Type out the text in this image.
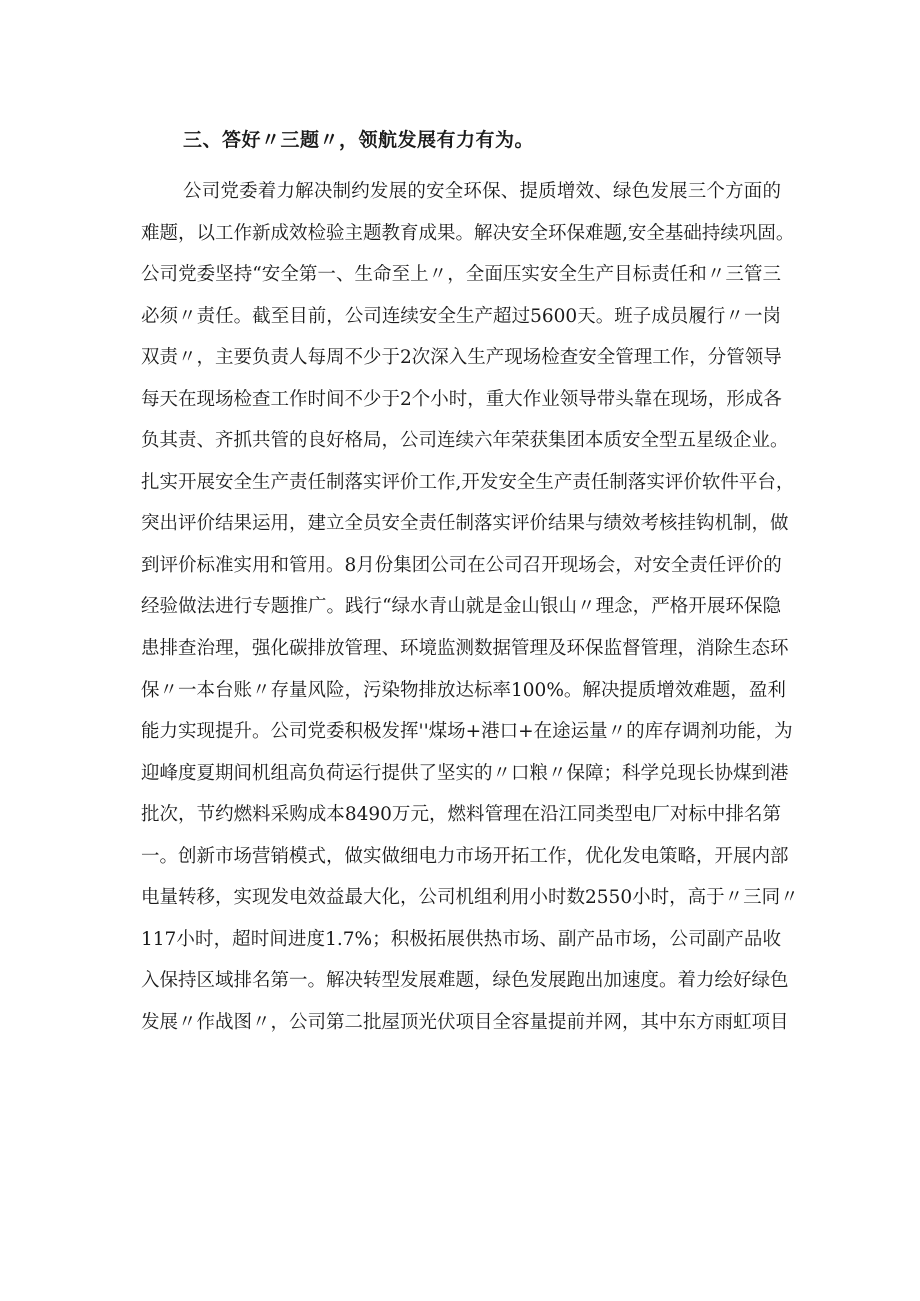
三、答好〃三题〃，领航发展有力有为。
公司党委着力解决制约发展的安全环保、提质增效、绿色发展三个方面的
难题，以工作新成效检验主题教育成果。解决安全环保难题,安全基础持续巩固。
公司党委坚持“安全第一、生命至上〃，全面压实安全生产目标责任和〃三管三
必须〃责任。截至目前，公司连续安全生产超过5600天。班子成员履行〃一岗
双责〃，主要负责人每周不少于2次深入生产现场检查安全管理工作，分管领导
每天在现场检查工作时间不少于2个小时，重大作业领导带头靠在现场，形成各
负其责、齐抓共管的良好格局，公司连续六年荣获集团本质安全型五星级企业。
扎实开展安全生产责任制落实评价工作,开发安全生产责任制落实评价软件平台，
突出评价结果运用，建立全员安全责任制落实评价结果与绩效考核挂钩机制，做
到评价标准实用和管用。8月份集团公司在公司召开现场会，对安全责任评价的
经验做法进行专题推广。践行“绿水青山就是金山银山〃理念，严格开展环保隐
患排查治理，强化碳排放管理、环境监测数据管理及环保监督管理，消除生态环
保〃一本台账〃存量风险，污染物排放达标率100%。解决提质增效难题，盈利
能力实现提升。公司党委积极发挥''煤场+港口+在途运量〃的库存调剂功能，为
迎峰度夏期间机组高负荷运行提供了坚实的〃口粮〃保障；科学兑现长协煤到港
批次，节约燃料采购成本8490万元，燃料管理在沿江同类型电厂对标中排名第
一。创新市场营销模式，做实做细电力市场开拓工作，优化发电策略，开展内部
电量转移，实现发电效益最大化，公司机组利用小时数2550小时，高于〃三同〃
117小时，超时间进度1.7%；积极拓展供热市场、副产品市场，公司副产品收
入保持区域排名第一。解决转型发展难题，绿色发展跑出加速度。着力绘好绿色
发展〃作战图〃，公司第二批屋顶光伏项目全容量提前并网，其中东方雨虹项目
